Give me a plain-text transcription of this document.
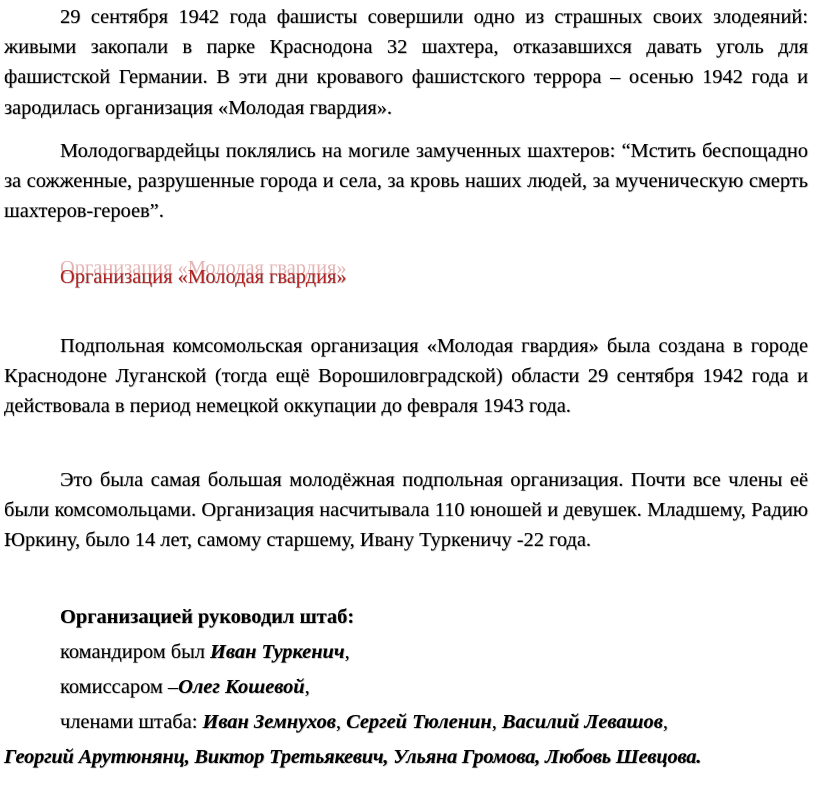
29 сентября 1942 года фашисты совершили одно из страшных своих злодеяний: живыми закопали в парке Краснодона 32 шахтера, отказавшихся давать уголь для фашистской Германии. В эти дни кровавого фашистского террора – осенью 1942 года и зародилась организация «Молодая гвардия».

Молодогвардейцы поклялись на могиле замученных шахтеров: “Мстить беспощадно за сожженные, разрушенные города и села, за кровь наших людей, за мученическую смерть шахтеров-героев”.

Организация «Молодая гвардия»

Подпольная комсомольская организация «Молодая гвардия» была создана в городе Краснодоне Луганской (тогда ещё Ворошиловградской) области 29 сентября 1942 года и действовала в период немецкой оккупации до февраля 1943 года.

Это была самая большая молодёжная подпольная организация. Почти все члены её были комсомольцами. Организация насчитывала 110 юношей и девушек. Младшему, Радию Юркину, было 14 лет, самому старшему, Ивану Туркеничу -22 года.

Организацией руководил штаб:

командиром был Иван Туркенич,

комиссаром –Олег Кошевой,

членами штаба: Иван Земнухов, Сергей Тюленин, Василий Левашов,

Георгий Арутюнянц, Виктор Третьякевич, Ульяна Громова, Любовь Шевцова.
